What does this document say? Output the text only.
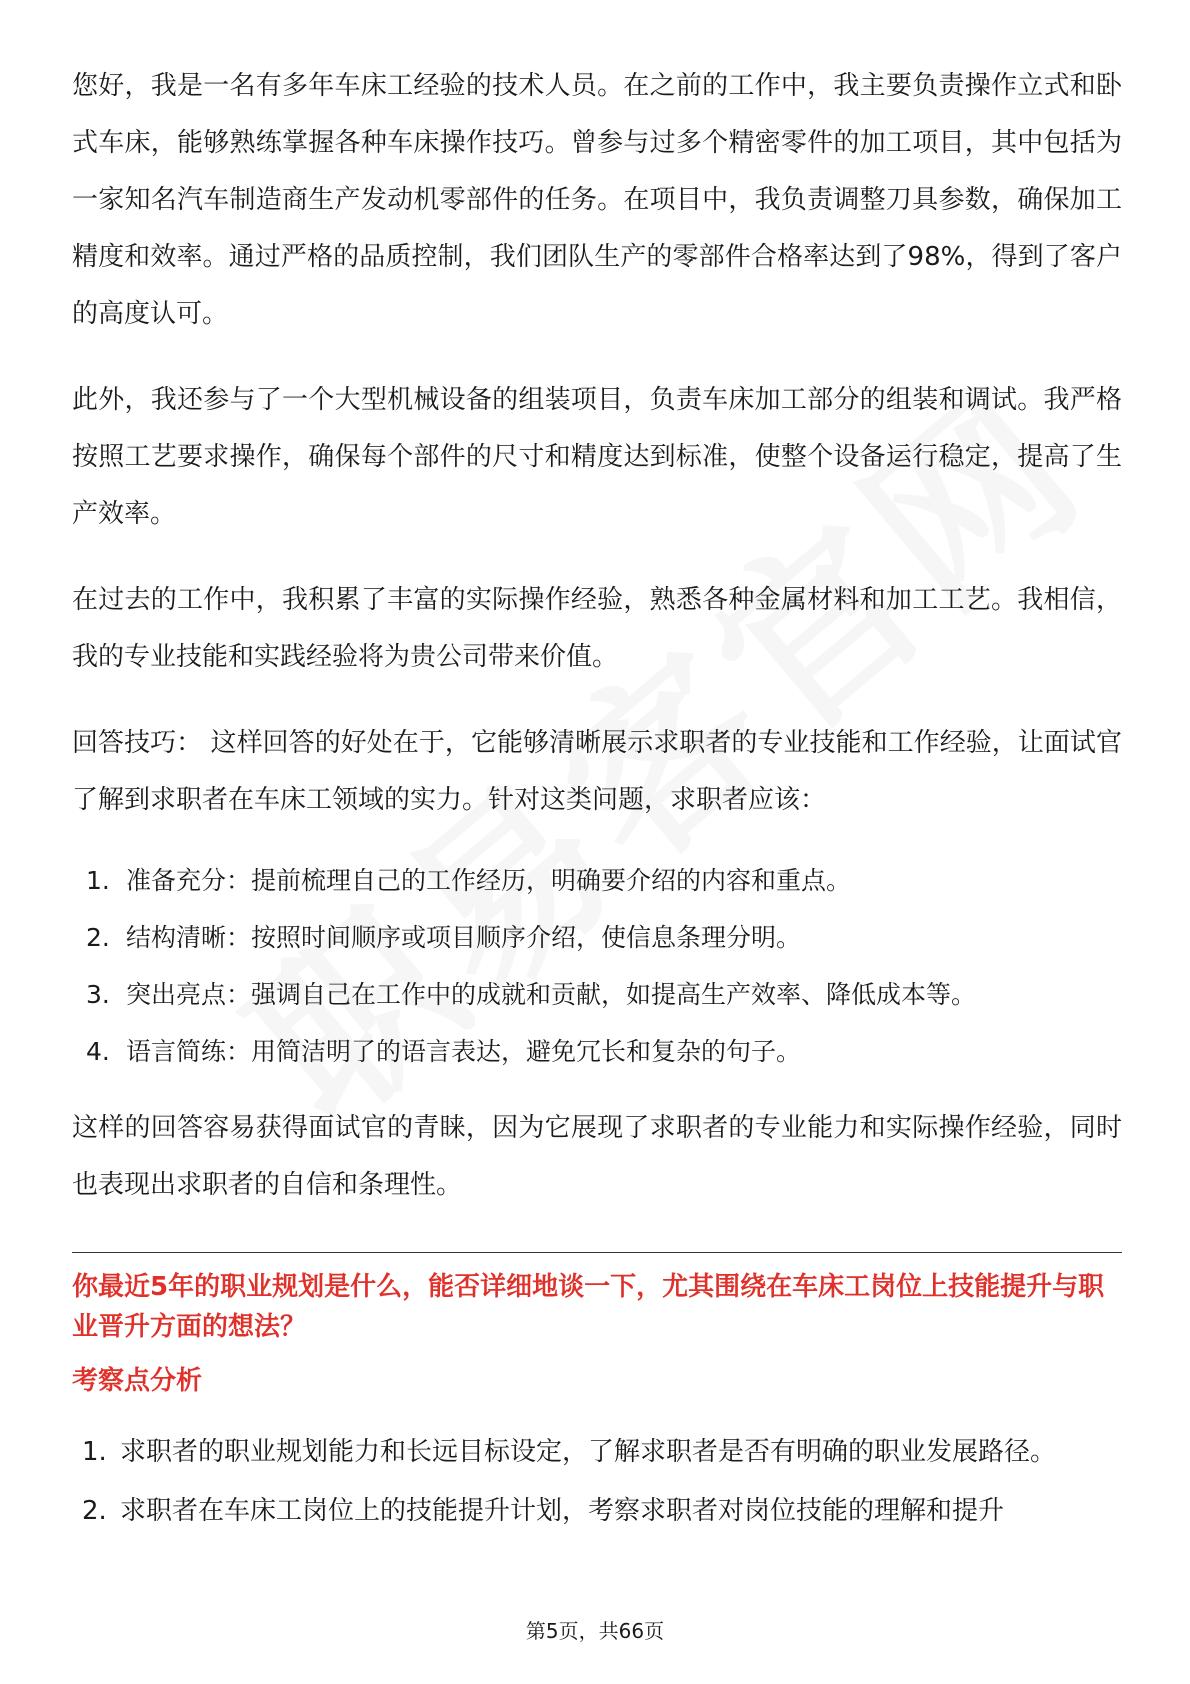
您好，我是一名有多年车床工经验的技术人员。在之前的工作中，我主要负责操作立式和卧式车床，能够熟练掌握各种车床操作技巧。曾参与过多个精密零件的加工项目，其中包括为一家知名汽车制造商生产发动机零部件的任务。在项目中，我负责调整刀具参数，确保加工精度和效率。通过严格的品质控制，我们团队生产的零部件合格率达到了98%，得到了客户的高度认可。

此外，我还参与了一个大型机械设备的组装项目，负责车床加工部分的组装和调试。我严格按照工艺要求操作，确保每个部件的尺寸和精度达到标准，使整个设备运行稳定，提高了生产效率。

在过去的工作中，我积累了丰富的实际操作经验，熟悉各种金属材料和加工工艺。我相信，我的专业技能和实践经验将为贵公司带来价值。

回答技巧： 这样回答的好处在于，它能够清晰展示求职者的专业技能和工作经验，让面试官了解到求职者在车床工领域的实力。针对这类问题，求职者应该：

1. 准备充分：提前梳理自己的工作经历，明确要介绍的内容和重点。
2. 结构清晰：按照时间顺序或项目顺序介绍，使信息条理分明。
3. 突出亮点：强调自己在工作中的成就和贡献，如提高生产效率、降低成本等。
4. 语言简练：用简洁明了的语言表达，避免冗长和复杂的句子。

这样的回答容易获得面试官的青睐，因为它展现了求职者的专业能力和实际操作经验，同时也表现出求职者的自信和条理性。

你最近5年的职业规划是什么，能否详细地谈一下，尤其围绕在车床工岗位上技能提升与职业晋升方面的想法？
考察点分析
1. 求职者的职业规划能力和长远目标设定，了解求职者是否有明确的职业发展路径。
2. 求职者在车床工岗位上的技能提升计划，考察求职者对岗位技能的理解和提升
第5页，共66页
